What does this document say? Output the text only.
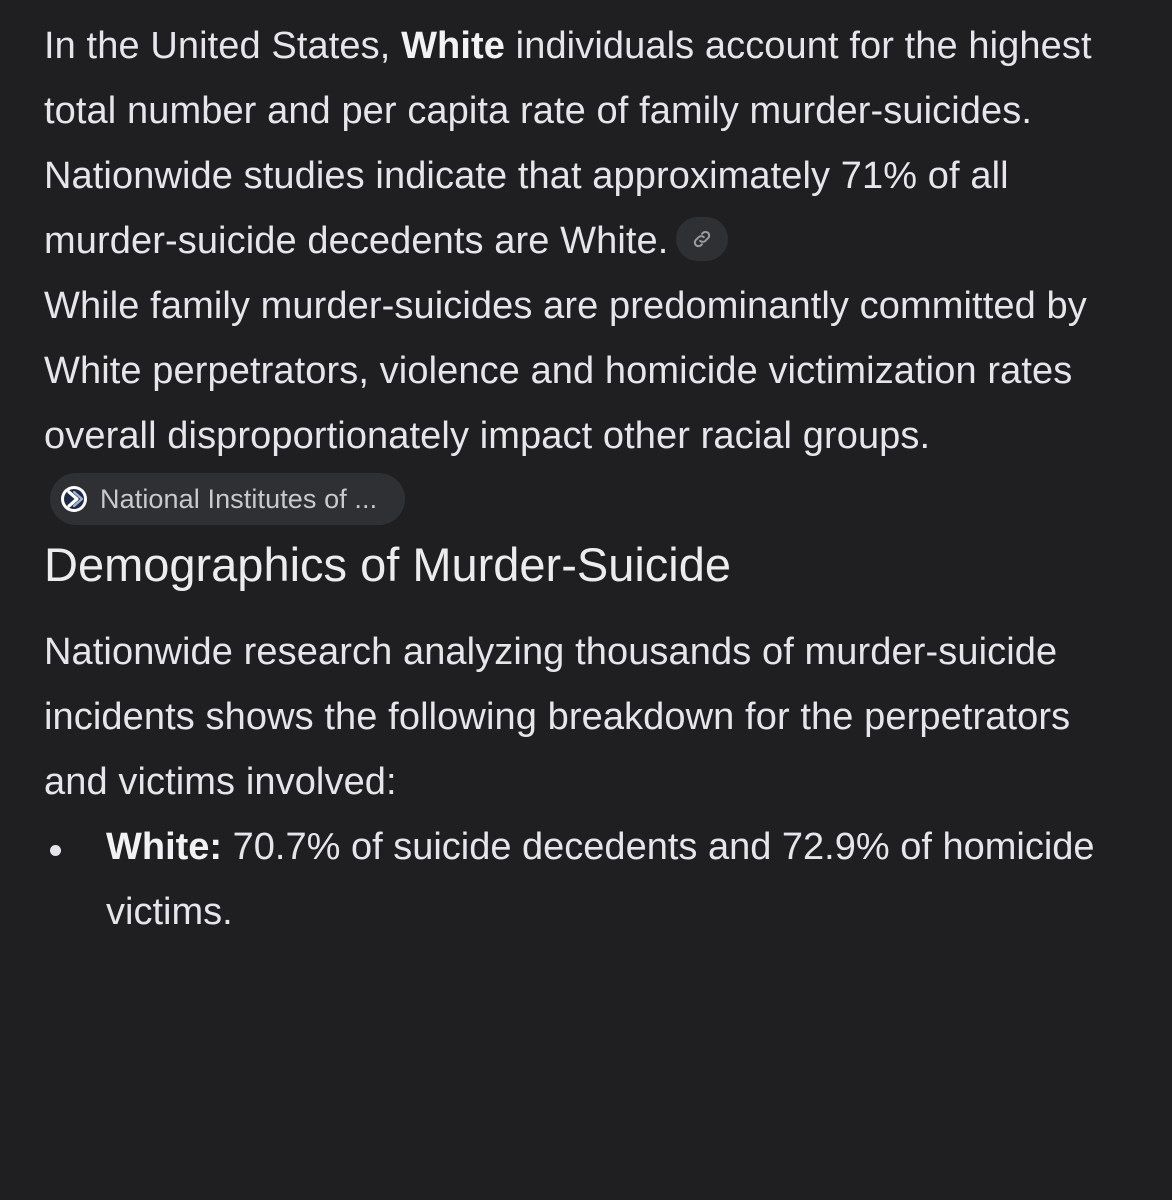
In the United States, White individuals account for the highest total number and per capita rate of family murder-suicides. Nationwide studies indicate that approximately 71% of all murder-suicide decedents are White.

While family murder-suicides are predominantly committed by White perpetrators, violence and homicide victimization rates overall disproportionately impact other racial groups.
National Institutes of ...

Demographics of Murder-Suicide

Nationwide research analyzing thousands of murder-suicide incidents shows the following breakdown for the perpetrators and victims involved:

White: 70.7% of suicide decedents and 72.9% of homicide victims.
